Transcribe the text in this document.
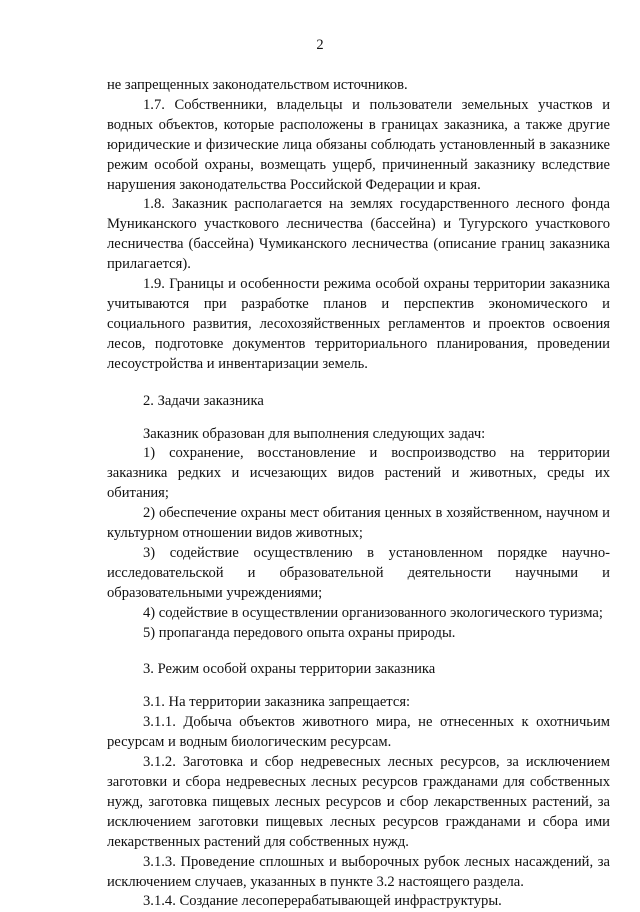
2

не запрещенных законодательством источников.

1.7. Собственники, владельцы и пользователи земельных участков и водных объектов, которые расположены в границах заказника, а также другие юридические и физические лица обязаны соблюдать установленный в заказнике режим особой охраны, возмещать ущерб, причиненный заказнику вследствие нарушения законодательства Российской Федерации и края.

1.8. Заказник располагается на землях государственного лесного фонда Муниканского участкового лесничества (бассейна) и Тугурского участкового лесничества (бассейна) Чумиканского лесничества (описание границ заказника прилагается).

1.9. Границы и особенности режима особой охраны территории заказника учитываются при разработке планов и перспектив экономического и социального развития, лесохозяйственных регламентов и проектов освоения лесов, подготовке документов территориального планирования, проведении лесоустройства и инвентаризации земель.

2. Задачи заказника

Заказник образован для выполнения следующих задач:

1) сохранение, восстановление и воспроизводство на территории заказника редких и исчезающих видов растений и животных, среды их обитания;

2) обеспечение охраны мест обитания ценных в хозяйственном, научном и культурном отношении видов животных;

3) содействие осуществлению в установленном порядке научно-исследовательской и образовательной деятельности научными и образовательными учреждениями;

4) содействие в осуществлении организованного экологического туризма;

5) пропаганда передового опыта охраны природы.

3. Режим особой охраны территории заказника

3.1. На территории заказника запрещается:

3.1.1. Добыча объектов животного мира, не отнесенных к охотничьим ресурсам и водным биологическим ресурсам.

3.1.2. Заготовка и сбор недревесных лесных ресурсов, за исключением заготовки и сбора недревесных лесных ресурсов гражданами для собственных нужд, заготовка пищевых лесных ресурсов и сбор лекарственных растений, за исключением заготовки пищевых лесных ресурсов гражданами и сбора ими лекарственных растений для собственных нужд.

3.1.3. Проведение сплошных и выборочных рубок лесных насаждений, за исключением случаев, указанных в пункте 3.2 настоящего раздела.

3.1.4. Создание лесоперерабатывающей инфраструктуры.
